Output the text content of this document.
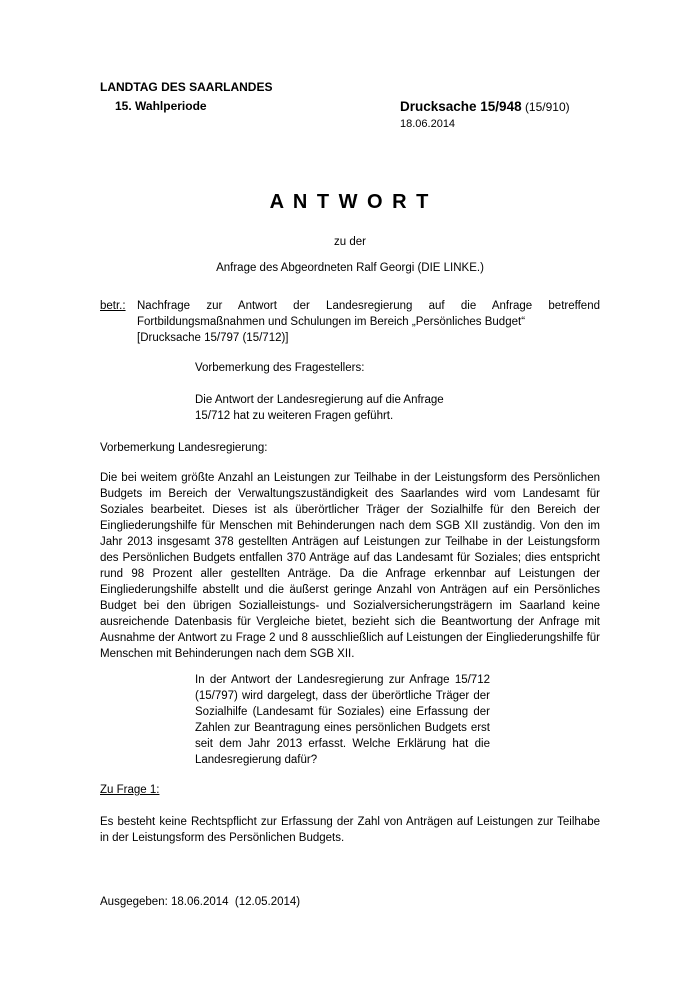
LANDTAG DES SAARLANDES
15. Wahlperiode	Drucksache 15/948 (15/910)
18.06.2014
A N T W O R T
zu der
Anfrage des Abgeordneten Ralf Georgi (DIE LINKE.)
betr.: Nachfrage zur Antwort der Landesregierung auf die Anfrage betreffend Fortbildungsmaßnahmen und Schulungen im Bereich „Persönliches Budget“
[Drucksache 15/797 (15/712)]
Vorbemerkung des Fragestellers:
Die Antwort der Landesregierung auf die Anfrage 15/712 hat zu weiteren Fragen geführt.
Vorbemerkung Landesregierung:
Die bei weitem größte Anzahl an Leistungen zur Teilhabe in der Leistungsform des Persönlichen Budgets im Bereich der Verwaltungszuständigkeit des Saarlandes wird vom Landesamt für Soziales bearbeitet. Dieses ist als überörtlicher Träger der Sozialhilfe für den Bereich der Eingliederungshilfe für Menschen mit Behinderungen nach dem SGB XII zuständig. Von den im Jahr 2013 insgesamt 378 gestellten Anträgen auf Leistungen zur Teilhabe in der Leistungsform des Persönlichen Budgets entfallen 370 Anträge auf das Landesamt für Soziales; dies entspricht rund 98 Prozent aller gestellten Anträge. Da die Anfrage erkennbar auf Leistungen der Eingliederungshilfe abstellt und die äußerst geringe Anzahl von Anträgen auf ein Persönliches Budget bei den übrigen Sozialleistungs- und Sozialversicherungsträgern im Saarland keine ausreichende Datenbasis für Vergleiche bietet, bezieht sich die Beantwortung der Anfrage mit Ausnahme der Antwort zu Frage 2 und 8 ausschließlich auf Leistungen der Eingliederungshilfe für Menschen mit Behinderungen nach dem SGB XII.
In der Antwort der Landesregierung zur Anfrage 15/712 (15/797) wird dargelegt, dass der überörtliche Träger der Sozialhilfe (Landesamt für Soziales) eine Erfassung der Zahlen zur Beantragung eines persönlichen Budgets erst seit dem Jahr 2013 erfasst. Welche Erklärung hat die Landesregierung dafür?
Zu Frage 1:
Es besteht keine Rechtspflicht zur Erfassung der Zahl von Anträgen auf Leistungen zur Teilhabe in der Leistungsform des Persönlichen Budgets.
Ausgegeben: 18.06.2014  (12.05.2014)
